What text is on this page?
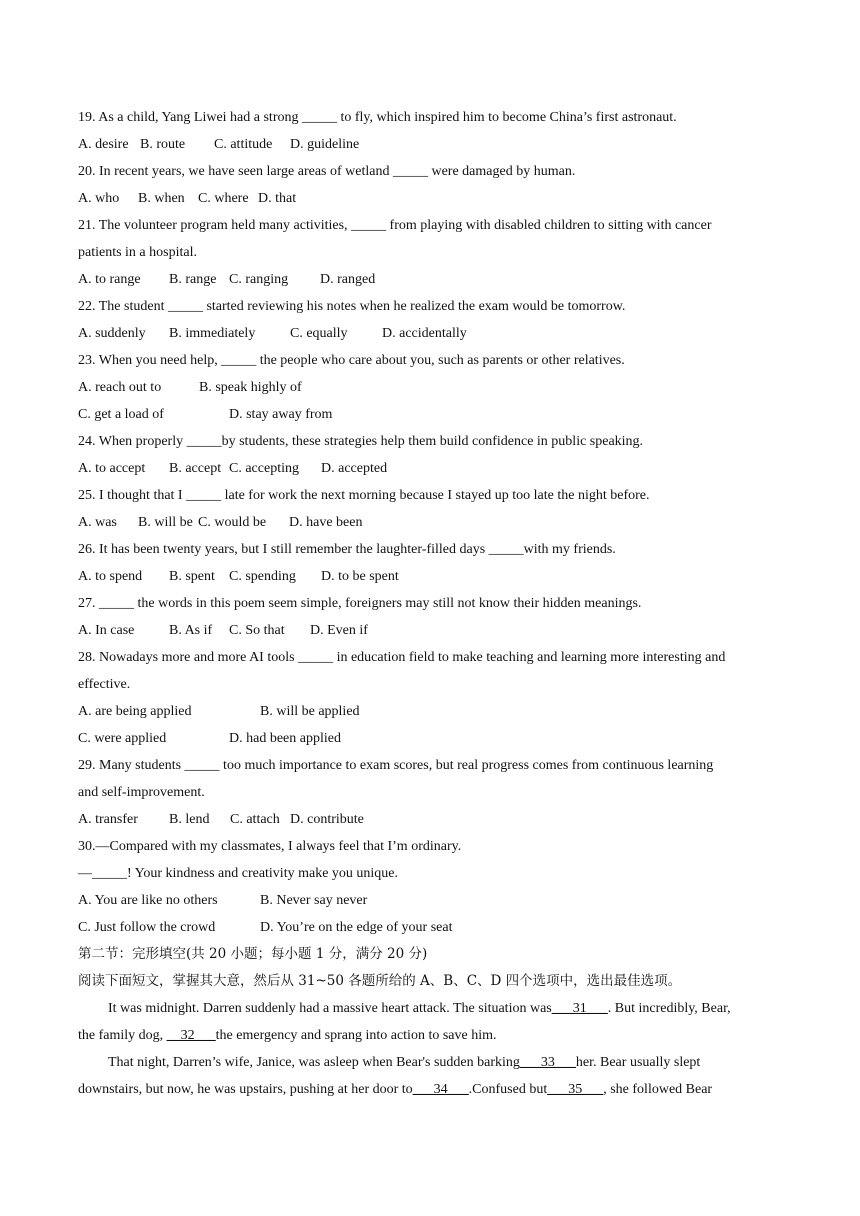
19. As a child, Yang Liwei had a strong _____ to fly, which inspired him to become China’s first astronaut.
A. desire B. route	C. attitude	D. guideline
20. In recent years, we have seen large areas of wetland _____ were damaged by human.
A. who	B. when C. where D. that
21. The volunteer program held many activities, _____ from playing with disabled children to sitting with cancer
patients in a hospital.
A. to range	B. range C. ranging	D. ranged
22. The student _____ started reviewing his notes when he realized the exam would be tomorrow.
A. suddenly	B. immediately	C. equally	D. accidentally
23. When you need help, _____ the people who care about you, such as parents or other relatives.
A. reach out to	B. speak highly of
C. get a load of	D. stay away from
24. When properly _____by students, these strategies help them build confidence in public speaking.
A. to accept	B. accept C. accepting	D. accepted
25. I thought that I _____ late for work the next morning because I stayed up too late the night before.
A. was	B. will be C. would be	D. have been
26. It has been twenty years, but I still remember the laughter-filled days _____with my friends.
A. to spend	B. spent	C. spending	D. to be spent
27. _____ the words in this poem seem simple, foreigners may still not know their hidden meanings.
A. In case	B. As if	C. So that	D. Even if
28. Nowadays more and more AI tools _____ in education field to make teaching and learning more interesting and
effective.
A. are being applied	B. will be applied
C. were applied	D. had been applied
29. Many students _____ too much importance to exam scores, but real progress comes from continuous learning
and self-improvement.
A. transfer	B. lend	C. attach D. contribute
30.—Compared with my classmates, I always feel that I’m ordinary.
—_____! Your kindness and creativity make you unique.
A. You are like no others	B. Never say never
C. Just follow the crowd	D. You’re on the edge of your seat
第二节：完形填空(共 20 小题；每小题 1 分，满分 20 分)
阅读下面短文，掌握其大意，然后从 31~50 各题所给的 A、B、C、D 四个选项中，选出最佳选项。
It was midnight. Darren suddenly had a massive heart attack. The situation was___31___. But incredibly, Bear,
the family dog, __32___the emergency and sprang into action to save him.
That night, Darren’s wife, Janice, was asleep when Bear's sudden barking___33___her. Bear usually slept
downstairs, but now, he was upstairs, pushing at her door to___34___.Confused but___35___, she followed Bear
